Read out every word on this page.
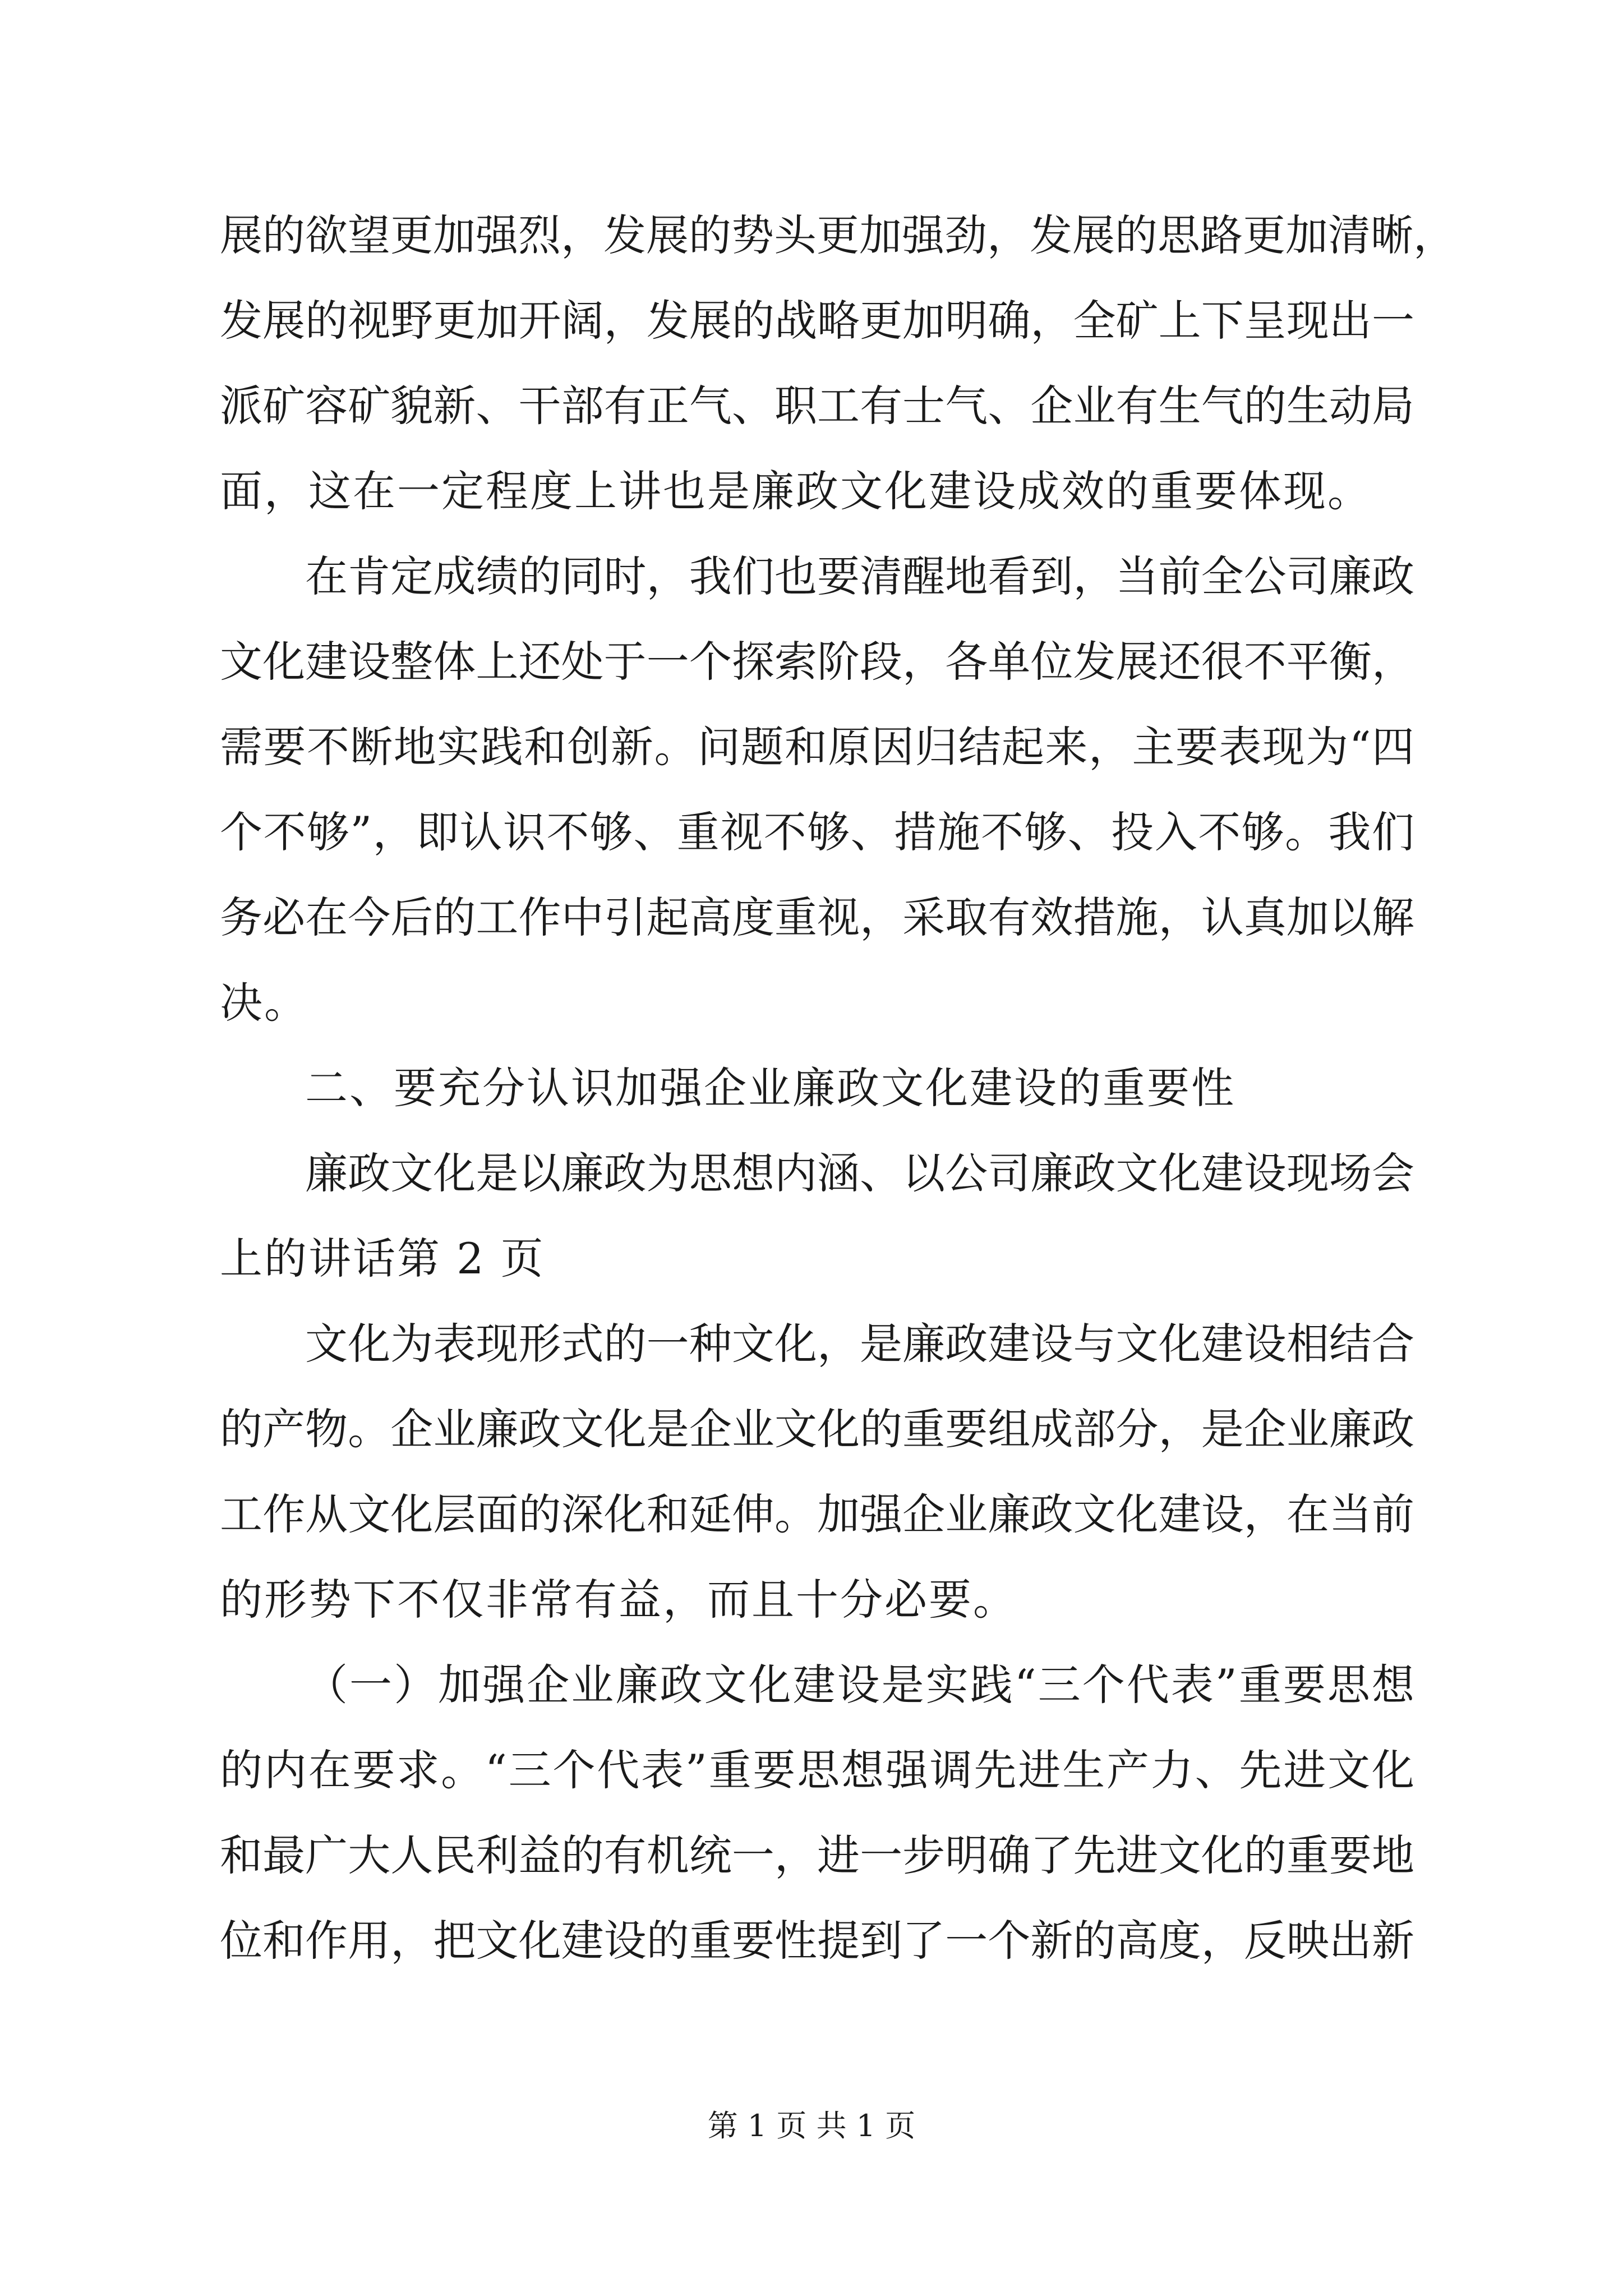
展的欲望更加强烈，发展的势头更加强劲，发展的思路更加清晰，
发展的视野更加开阔，发展的战略更加明确，全矿上下呈现出一
派矿容矿貌新、干部有正气、职工有士气、企业有生气的生动局
面，这在一定程度上讲也是廉政文化建设成效的重要体现。
在肯定成绩的同时，我们也要清醒地看到，当前全公司廉政
文化建设整体上还处于一个探索阶段，各单位发展还很不平衡，
需要不断地实践和创新。问题和原因归结起来，主要表现为“四
个不够”，即认识不够、重视不够、措施不够、投入不够。我们
务必在今后的工作中引起高度重视，采取有效措施，认真加以解
决。
二、要充分认识加强企业廉政文化建设的重要性
廉政文化是以廉政为思想内涵、以公司廉政文化建设现场会
上的讲话第 2 页
文化为表现形式的一种文化，是廉政建设与文化建设相结合
的产物。企业廉政文化是企业文化的重要组成部分，是企业廉政
工作从文化层面的深化和延伸。加强企业廉政文化建设，在当前
的形势下不仅非常有益，而且十分必要。
（一）加强企业廉政文化建设是实践“三个代表”重要思想
的内在要求。“三个代表”重要思想强调先进生产力、先进文化
和最广大人民利益的有机统一，进一步明确了先进文化的重要地
位和作用，把文化建设的重要性提到了一个新的高度，反映出新
第 1 页 共 1 页
